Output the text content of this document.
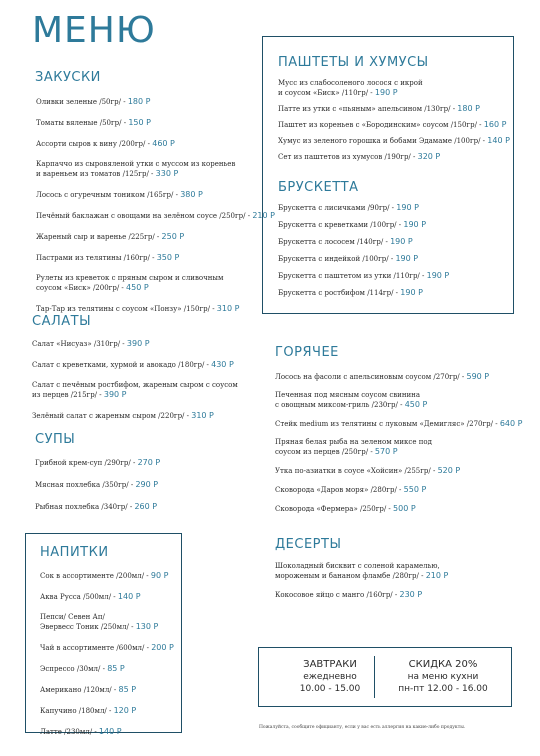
МЕНЮ
ЗАКУСКИ
Оливки зеленые /50гр/ - 180 Р
Томаты вяленые /50гр/ - 150 Р
Ассорти сыров к вину /200гр/ - 460 Р
Карпаччо из сыровяленой утки с муссом из кореньев
и вареньем из томатов /125гр/ - 330 Р
Лосось с огуречным тоником /165гр/ - 380 Р
Печёный баклажан с овощами на зелёном соусе /250гр/ - 210 Р
Жареный сыр и варенье /225гр/ - 250 Р
Пастрами из телятины /160гр/ - 350 Р
Рулеты из креветок с пряным сыром и сливочным
соусом «Биск» /200гр/ - 450 Р
Тар-Тар из телятины с соусом «Понзу» /150гр/ - 310 Р
САЛАТЫ
Салат «Нисуаз» /310гр/ - 390 Р
Салат с креветками, хурмой и авокадо /180гр/ - 430 Р
Салат с печёным ростбифом, жареным сыром с соусом
из перцев /215гр/ - 390 Р
Зелёный салат с жареным сыром /220гр/ - 310 Р
СУПЫ
Грибной крем-суп /290гр/ - 270 Р
Мясная похлебка /350гр/ - 290 Р
Рыбная похлебка /340гр/ - 260 Р
НАПИТКИ
Сок в ассортименте /200мл/ - 90 Р
Аква Русса /500мл/ - 140 Р
Пепси/ Севен Ап/
Эвервесс Тоник /250мл/ - 130 Р
Чай в ассортименте /600мл/ - 200 Р
Эспрессо /30мл/ - 85 Р
Американо /120мл/ - 85 Р
Капучино /180мл/ - 120 Р
Латте /230мл/ - 140 Р
ПАШТЕТЫ И ХУМУСЫ
Мусс из слабосоленого лосося с икрой
и соусом «Биск» /110гр/ - 190 Р
Патте из утки с «пьяным» апельсином /130гр/ - 180 Р
Паштет из кореньев с «Бородинским» соусом /150гр/ - 160 Р
Хумус из зеленого горошка и бобами Эдамаме /100гр/ - 140 Р
Сет из паштетов из хумусов /190гр/ - 320 Р
БРУСКЕТТА
Брускетта с лисичками /90гр/ - 190 Р
Брускетта с креветками /100гр/ - 190 Р
Брускетта с лососем /140гр/ - 190 Р
Брускетта с индейкой /100гр/ - 190 Р
Брускетта с паштетом из утки /110гр/ - 190 Р
Брускетта с ростбифом /114гр/ - 190 Р
ГОРЯЧЕЕ
Лосось на фасоли с апельсиновым соусом /270гр/ - 590 Р
Печенная под мясным соусом свинина
с овощным миксом-гриль /230гр/ - 450 Р
Стейк medium из телятины с луковым «Демигляс» /270гр/ - 640 Р
Пряная белая рыба на зеленом миксе под
соусом из перцев /250гр/ - 570 Р
Утка по-азиатки в соусе «Хойсин» /255гр/ - 520 Р
Сковорода «Даров моря» /280гр/ - 550 Р
Сковорода «Фермера» /250гр/ - 500 Р
ДЕСЕРТЫ
Шоколадный бисквит с соленой карамелью,
мороженым и бананом фламбе /280гр/ - 210 Р
Кокосовое яйцо с манго /160гр/ - 230 Р
ЗАВТРАКИ
ежедневно
10.00 - 15.00
СКИДКА 20%
на меню кухни
пн-пт 12.00 - 16.00
Пожалуйста, сообщите официанту, если у вас есть аллергия на какие-либо продукты.
